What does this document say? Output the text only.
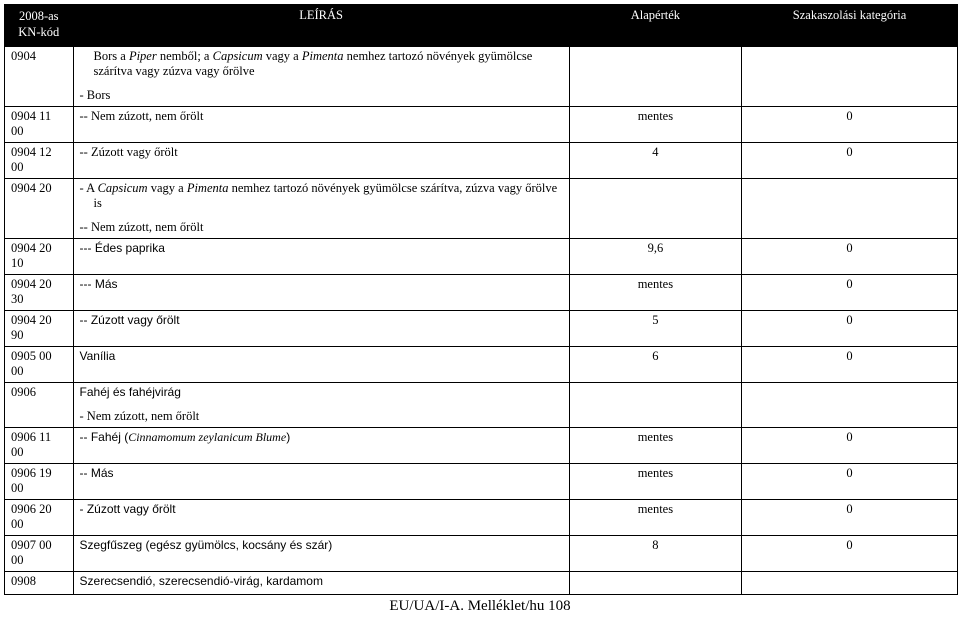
2008-as
KN-kód	LEÍRÁS	Alapérték	Szakaszolási kategória
0904	Bors a Piper nemből; a Capsicum vagy a Pimenta nemhez tartozó növények gyümölcse szárítva vagy zúzva vagy őrölve
- Bors		

0904 11 00	-- Nem zúzott, nem őrölt	mentes	0
0904 12 00	-- Zúzott vagy őrölt	4	0
0904 20	- A Capsicum vagy a Pimenta nemhez tartozó növények gyümölcse szárítva, zúzva vagy őrölve is
-- Nem zúzott, nem őrölt		

0904 20 10	--- Édes paprika	9,6	0
0904 20 30	--- Más	mentes	0
0904 20 90	-- Zúzott vagy őrölt	5	0
0905 00 00	Vanília	6	0
0906	Fahéj és fahéjvirág
- Nem zúzott, nem őrölt		

0906 11 00	-- Fahéj (Cinnamomum zeylanicum Blume)	mentes	0
0906 19 00	-- Más	mentes	0
0906 20 00	- Zúzott vagy őrölt	mentes	0
0907 00 00	Szegfűszeg (egész gyümölcs, kocsány és szár)	8	0
0908	Szerecsendió, szerecsendió-virág, kardamom		
EU/UA/I-A. Melléklet/hu 108
